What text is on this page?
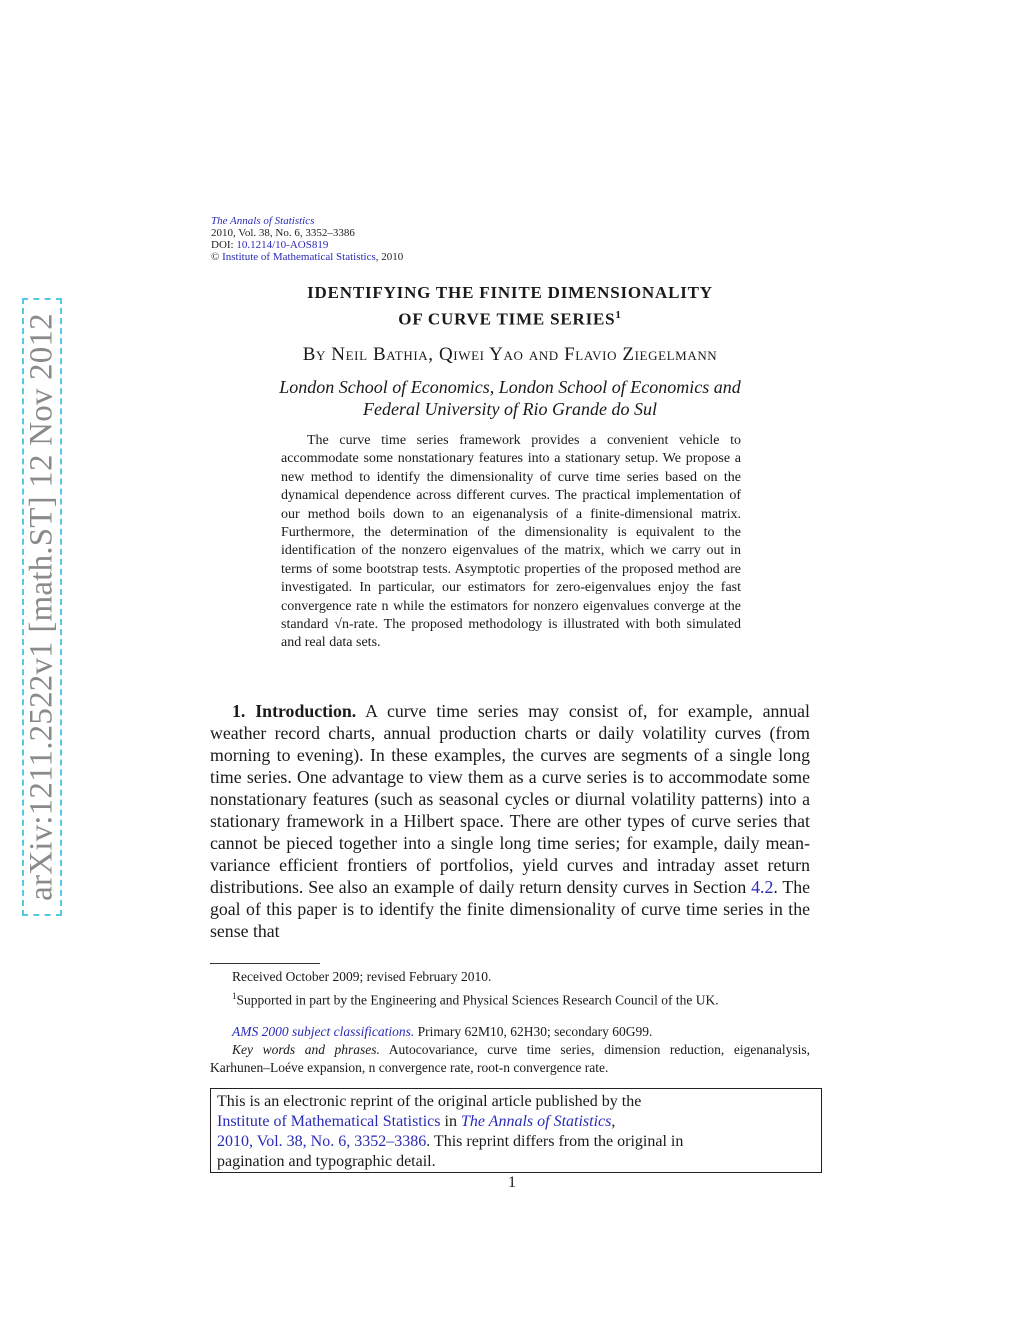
arXiv:1211.2522v1 [math.ST] 12 Nov 2012
The Annals of Statistics
2010, Vol. 38, No. 6, 3352–3386
DOI: 10.1214/10-AOS819
© Institute of Mathematical Statistics, 2010
IDENTIFYING THE FINITE DIMENSIONALITY
OF CURVE TIME SERIES$^1$
By Neil Bathia, Qiwei Yao and Flavio Ziegelmann
London School of Economics, London School of Economics and
Federal University of Rio Grande do Sul

The curve time series framework provides a convenient vehicle to accommodate some nonstationary features into a stationary setup. We propose a new method to identify the dimensionality of curve time series based on the dynamical dependence across different curves. The practical implementation of our method boils down to an eigenanalysis of a finite-dimensional matrix. Furthermore, the determination of the dimensionality is equivalent to the identification of the nonzero eigenvalues of the matrix, which we carry out in terms of some bootstrap tests. Asymptotic properties of the proposed method are investigated. In particular, our estimators for zero-eigenvalues enjoy the fast convergence rate n while the estimators for nonzero eigenvalues converge at the standard √n-rate. The proposed methodology is illustrated with both simulated and real data sets.

1. Introduction. A curve time series may consist of, for example, annual weather record charts, annual production charts or daily volatility curves (from morning to evening). In these examples, the curves are segments of a single long time series. One advantage to view them as a curve series is to accommodate some nonstationary features (such as seasonal cycles or diurnal volatility patterns) into a stationary framework in a Hilbert space. There are other types of curve series that cannot be pieced together into a single long time series; for example, daily mean-variance efficient frontiers of portfolios, yield curves and intraday asset return distributions. See also an example of daily return density curves in Section 4.2. The goal of this paper is to identify the finite dimensionality of curve time series in the sense that

Received October 2009; revised February 2010.

$^1$Supported in part by the Engineering and Physical Sciences Research Council of the UK.

AMS 2000 subject classifications. Primary 62M10, 62H30; secondary 60G99.

Key words and phrases. Autocovariance, curve time series, dimension reduction, eigenanalysis, Karhunen–Loéve expansion, n convergence rate, root-n convergence rate.

This is an electronic reprint of the original article published by the
Institute of Mathematical Statistics in The Annals of Statistics,
2010, Vol. 38, No. 6, 3352–3386. This reprint differs from the original in
pagination and typographic detail.
1
